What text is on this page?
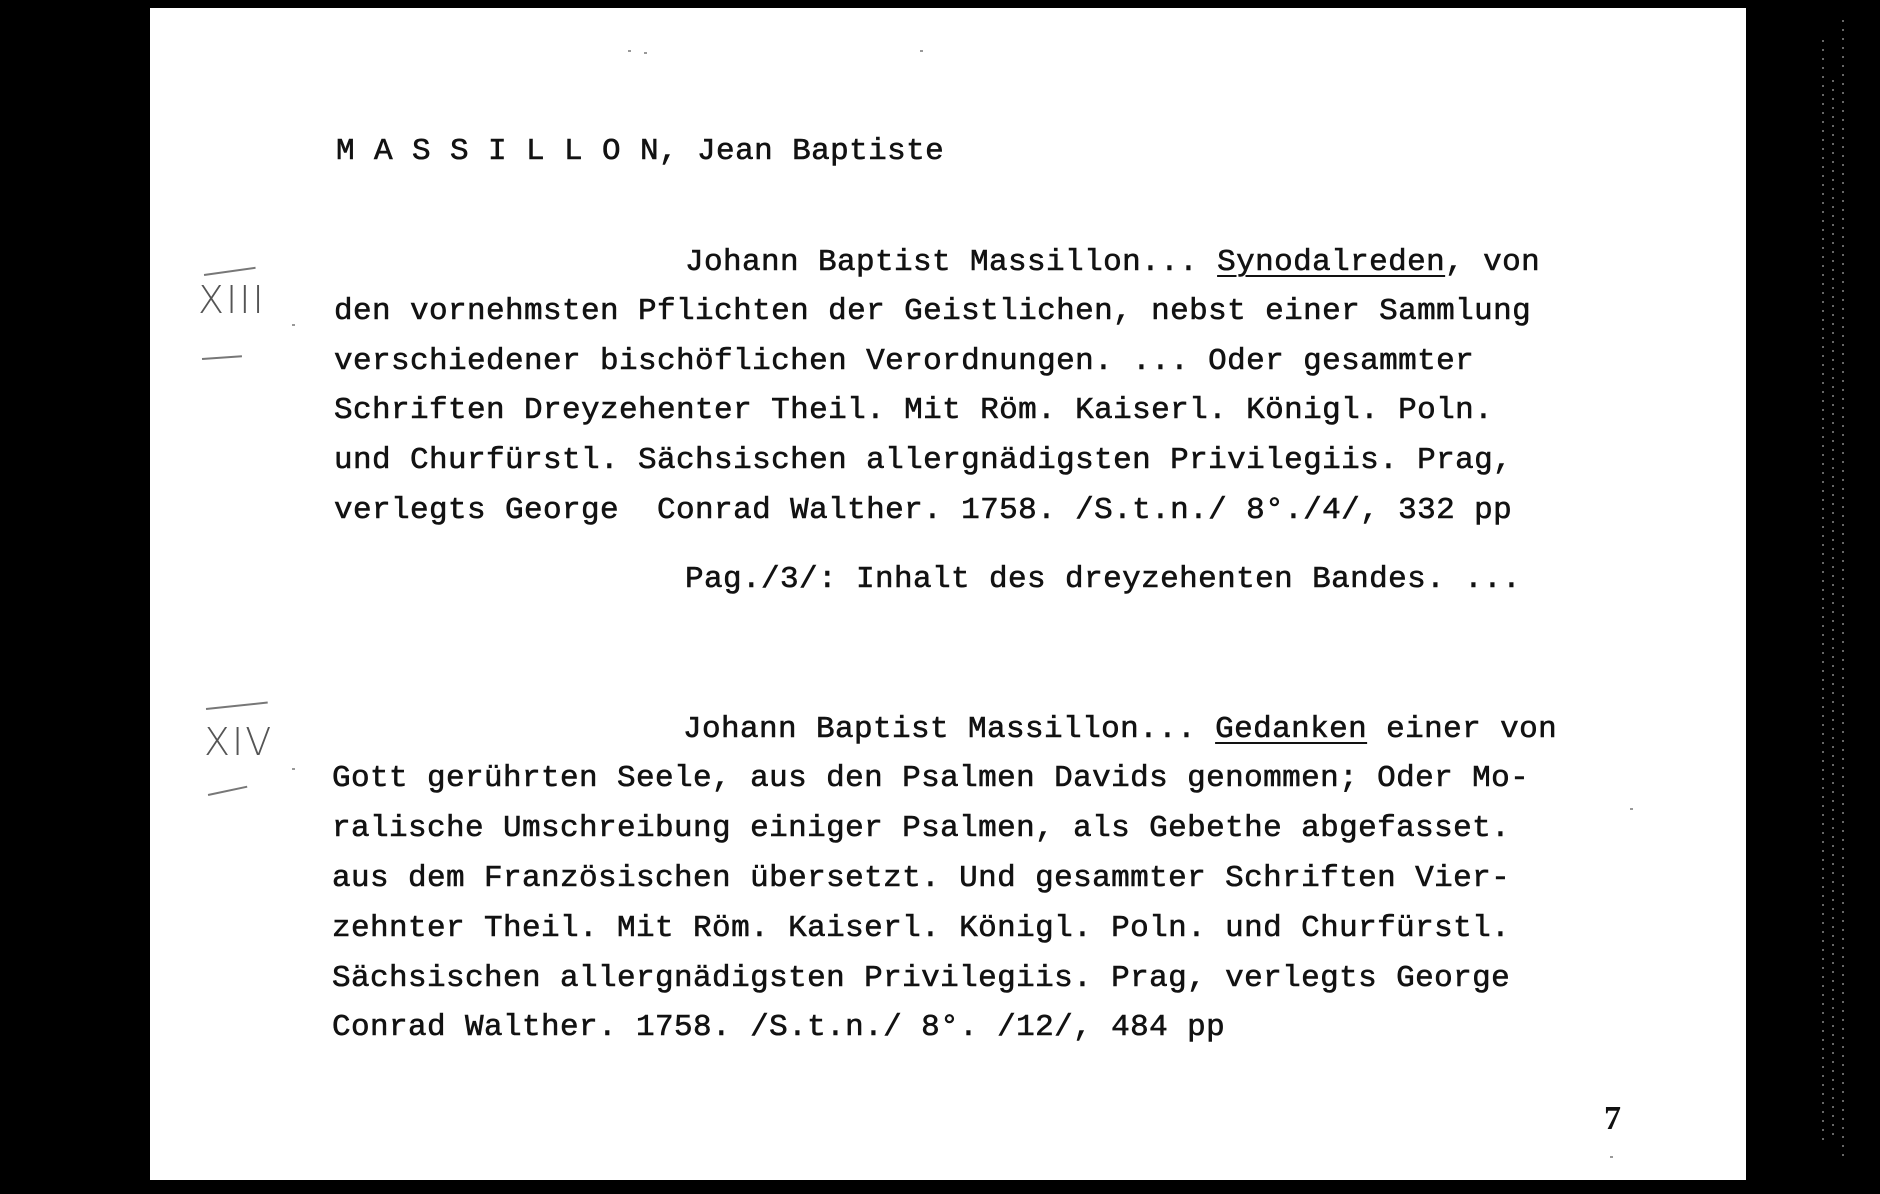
M A S S I L L O N, Jean Baptiste
XIII
Johann Baptist Massillon... Synodalreden, von
den vornehmsten Pflichten der Geistlichen, nebst einer Sammlung
verschiedener bischöflichen Verordnungen. ... Oder gesammter
Schriften Dreyzehenter Theil. Mit Röm. Kaiserl. Königl. Poln.
und Churfürstl. Sächsischen allergnädigsten Privilegiis. Prag,
verlegts George  Conrad Walther. 1758. /S.t.n./ 8°./4/, 332 pp
Pag./3/: Inhalt des dreyzehenten Bandes. ...
XIV	Johann Baptist Massillon... Gedanken einer von
Gott gerührten Seele, aus den Psalmen Davids genommen; Oder Mo-
ralische Umschreibung einiger Psalmen, als Gebethe abgefasset.
aus dem Französischen übersetzt. Und gesammter Schriften Vier-
zehnter Theil. Mit Röm. Kaiserl. Königl. Poln. und Churfürstl.
Sächsischen allergnädigsten Privilegiis. Prag, verlegts George
Conrad Walther. 1758. /S.t.n./ 8°. /12/, 484 pp
7
